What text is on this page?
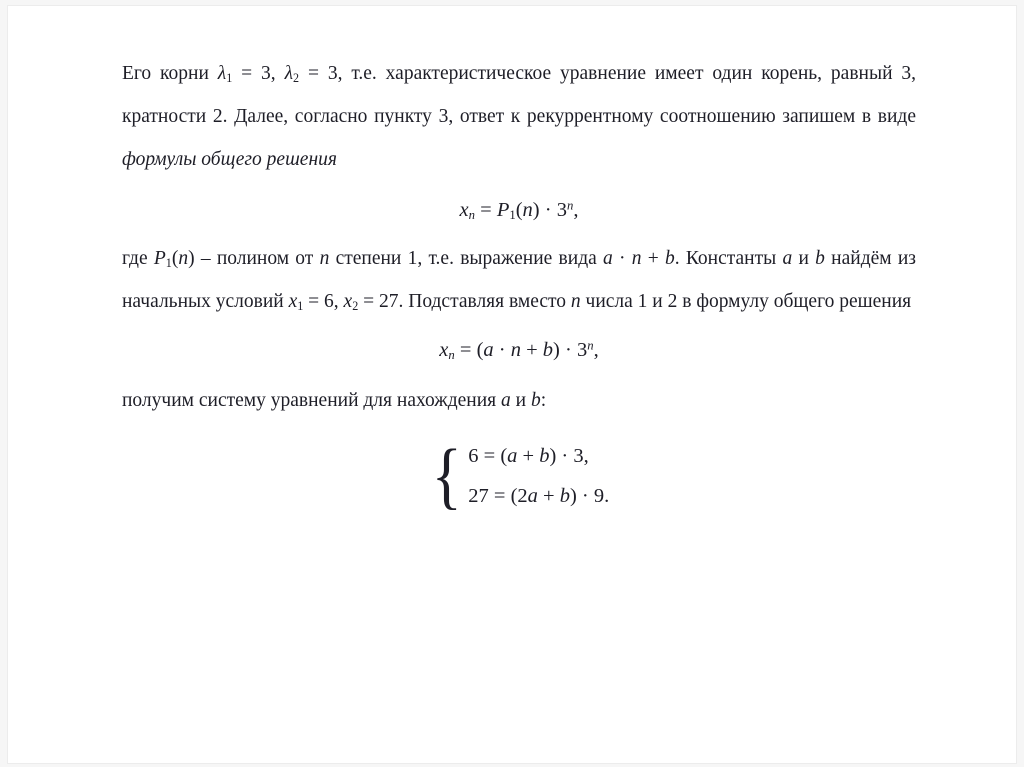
Его корни $\lambda_1 = 3$, $\lambda_2 = 3$, т.е. характеристическое уравнение имеет один корень, равный 3, кратности 2. Далее, согласно пункту 3, ответ к рекуррентному соотношению запишем в виде формулы общего решения

$x_n = P_1(n) \cdot 3^n$,

где $P_1(n)$ – полином от n степени 1, т.е. выражение вида a · n + b. Константы a и b найдём из начальных условий $x_1 = 6$, $x_2 = 27$. Подставляя вместо n числа 1 и 2 в формулу общего решения

$x_n = (a \cdot n + b) \cdot 3^n$,

получим систему уравнений для нахождения a и b:

{ 6 = (a + b) · 3,
27 = (2a + b) · 9.
